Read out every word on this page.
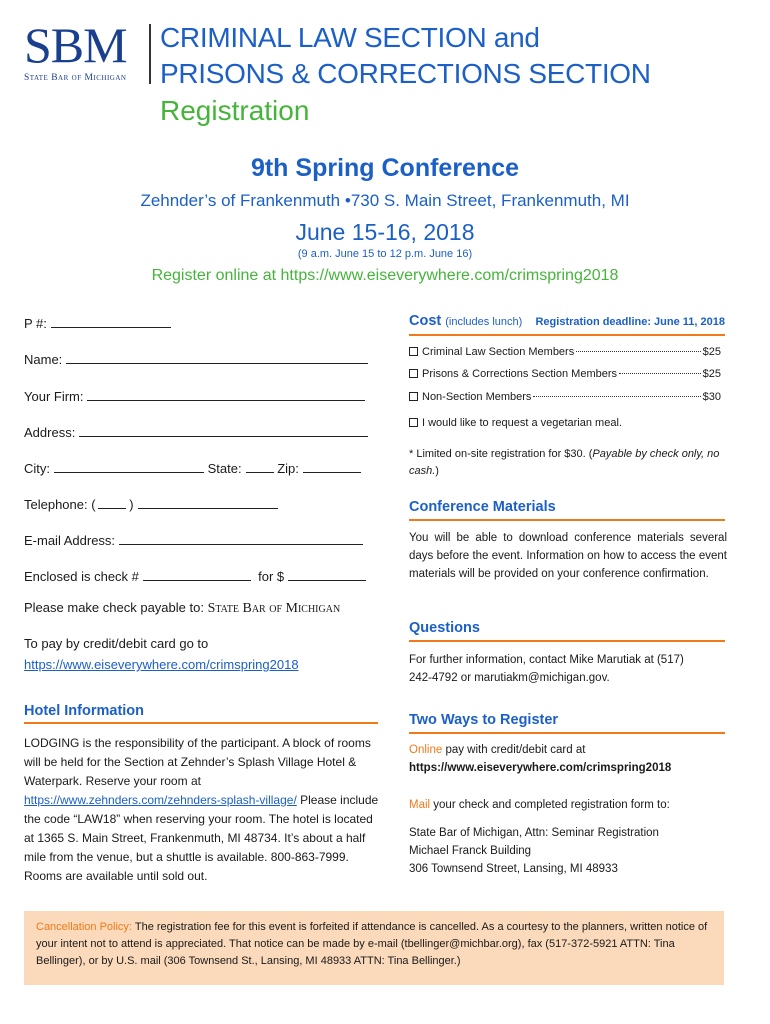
SBM
State Bar of Michigan
CRIMINAL LAW SECTION and
PRISONS & CORRECTIONS SECTION
Registration
9th Spring Conference
Zehnder’s of Frankenmuth •730 S. Main Street, Frankenmuth, MI
June 15-16, 2018
(9 a.m. June 15 to 12 p.m. June 16)
Register online at https://www.eiseverywhere.com/crimspring2018
P #:
Name:
Your Firm:
Address:
City:	State:	Zip:
Telephone: (	)
E-mail Address:
Enclosed is check #	for $
Please make check payable to: State Bar of Michigan
To pay by credit/debit card go to
https://www.eiseverywhere.com/crimspring2018
Hotel Information
LODGING is the responsibility of the participant. A block of rooms will be held for the Section at Zehnder’s Splash Village Hotel & Waterpark. Reserve your room at https://www.zehnders.com/zehnders-splash-village/ Please include the code “LAW18” when reserving your room. The hotel is located at 1365 S. Main Street, Frankenmuth, MI 48734. It’s about a half mile from the venue, but a shuttle is available. 800-863-7999. Rooms are available until sold out.
Cost (includes lunch) Registration deadline: June 11, 2018
Criminal Law Section Members	$25
Prisons & Corrections Section Members	$25
Non-Section Members	$30
I would like to request a vegetarian meal.
* Limited on-site registration for $30. (Payable by check only, no cash.)
Conference Materials
You will be able to download conference materials several days before the event. Information on how to access the event materials will be provided on your conference confirmation.
Questions
For further information, contact Mike Marutiak at (517) 242-4792 or marutiakm@michigan.gov.
Two Ways to Register
Online pay with credit/debit card at
https://www.eiseverywhere.com/crimspring2018
Mail your check and completed registration form to:
State Bar of Michigan, Attn: Seminar Registration
Michael Franck Building
306 Townsend Street, Lansing, MI 48933
Cancellation Policy: The registration fee for this event is forfeited if attendance is cancelled. As a courtesy to the planners, written notice of your intent not to attend is appreciated. That notice can be made by e-mail (tbellinger@michbar.org), fax (517-372-5921 ATTN: Tina Bellinger), or by U.S. mail (306 Townsend St., Lansing, MI 48933 ATTN: Tina Bellinger.)
